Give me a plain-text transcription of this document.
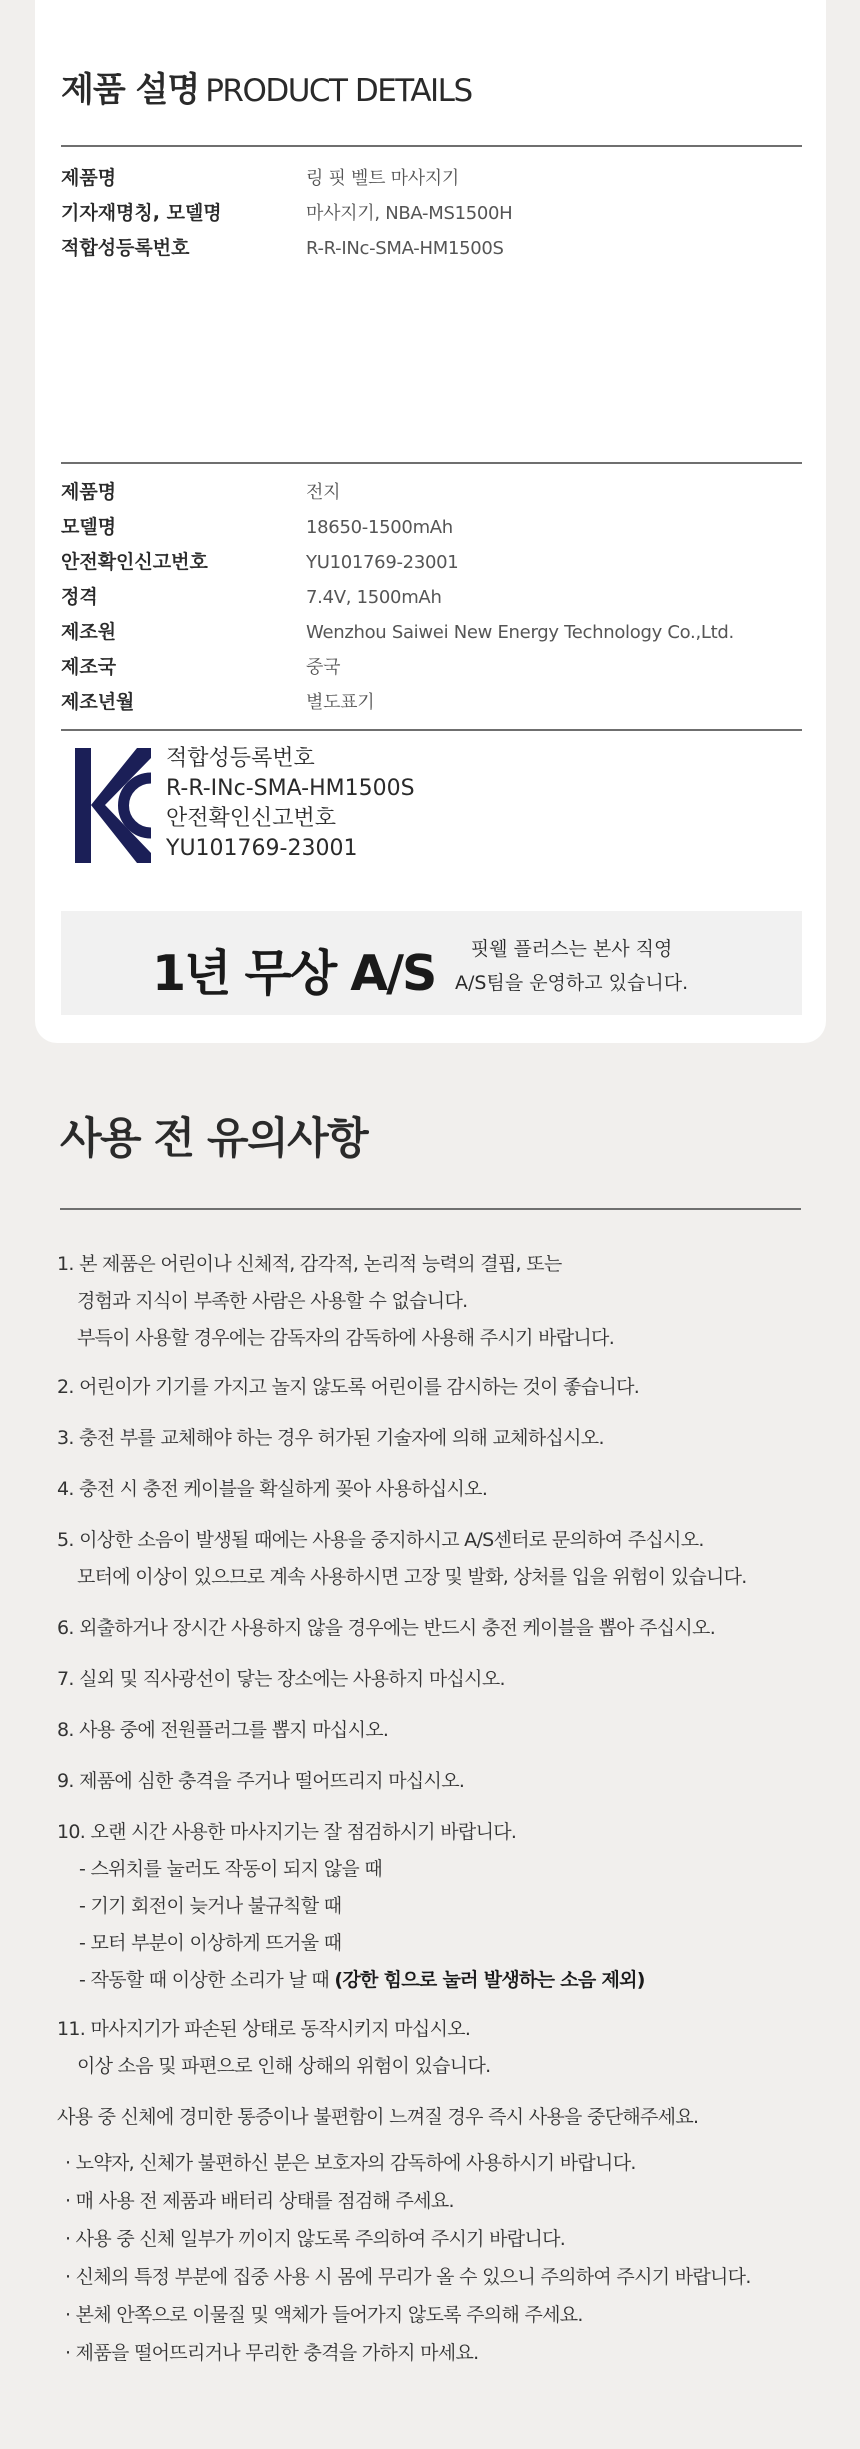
제품 설명 PRODUCT DETAILS
제품명	링 핏 벨트 마사지기
기자재명칭, 모델명	마사지기, NBA-MS1500H
적합성등록번호	R-R-INc-SMA-HM1500S
제품명	전지
모델명	18650-1500mAh
안전확인신고번호	YU101769-23001
정격	7.4V, 1500mAh
제조원	Wenzhou Saiwei New Energy Technology Co.,Ltd.
제조국	중국
제조년월	별도표기
적합성등록번호
R-R-INc-SMA-HM1500S
안전확인신고번호
YU101769-23001
1년 무상 A/S	핏웰 플러스는 본사 직영
A/S팀을 운영하고 있습니다.
사용 전 유의사항
1. 본 제품은 어린이나 신체적, 감각적, 논리적 능력의 결핍, 또는
경험과 지식이 부족한 사람은 사용할 수 없습니다.
부득이 사용할 경우에는 감독자의 감독하에 사용해 주시기 바랍니다.
2. 어린이가 기기를 가지고 놀지 않도록 어린이를 감시하는 것이 좋습니다.
3. 충전 부를 교체해야 하는 경우 허가된 기술자에 의해 교체하십시오.
4. 충전 시 충전 케이블을 확실하게 꽂아 사용하십시오.
5. 이상한 소음이 발생될 때에는 사용을 중지하시고 A/S센터로 문의하여 주십시오.
모터에 이상이 있으므로 계속 사용하시면 고장 및 발화, 상처를 입을 위험이 있습니다.
6. 외출하거나 장시간 사용하지 않을 경우에는 반드시 충전 케이블을 뽑아 주십시오.
7. 실외 및 직사광선이 닿는 장소에는 사용하지 마십시오.
8. 사용 중에 전원플러그를 뽑지 마십시오.
9. 제품에 심한 충격을 주거나 떨어뜨리지 마십시오.
10. 오랜 시간 사용한 마사지기는 잘 점검하시기 바랍니다.
- 스위치를 눌러도 작동이 되지 않을 때
- 기기 회전이 늦거나 불규칙할 때
- 모터 부분이 이상하게 뜨거울 때
- 작동할 때 이상한 소리가 날 때 (강한 힘으로 눌러 발생하는 소음 제외)
11. 마사지기가 파손된 상태로 동작시키지 마십시오.
이상 소음 및 파편으로 인해 상해의 위험이 있습니다.
사용 중 신체에 경미한 통증이나 불편함이 느껴질 경우 즉시 사용을 중단해주세요.
· 노약자, 신체가 불편하신 분은 보호자의 감독하에 사용하시기 바랍니다.
· 매 사용 전 제품과 배터리 상태를 점검해 주세요.
· 사용 중 신체 일부가 끼이지 않도록 주의하여 주시기 바랍니다.
· 신체의 특정 부분에 집중 사용 시 몸에 무리가 올 수 있으니 주의하여 주시기 바랍니다.
· 본체 안쪽으로 이물질 및 액체가 들어가지 않도록 주의해 주세요.
· 제품을 떨어뜨리거나 무리한 충격을 가하지 마세요.
